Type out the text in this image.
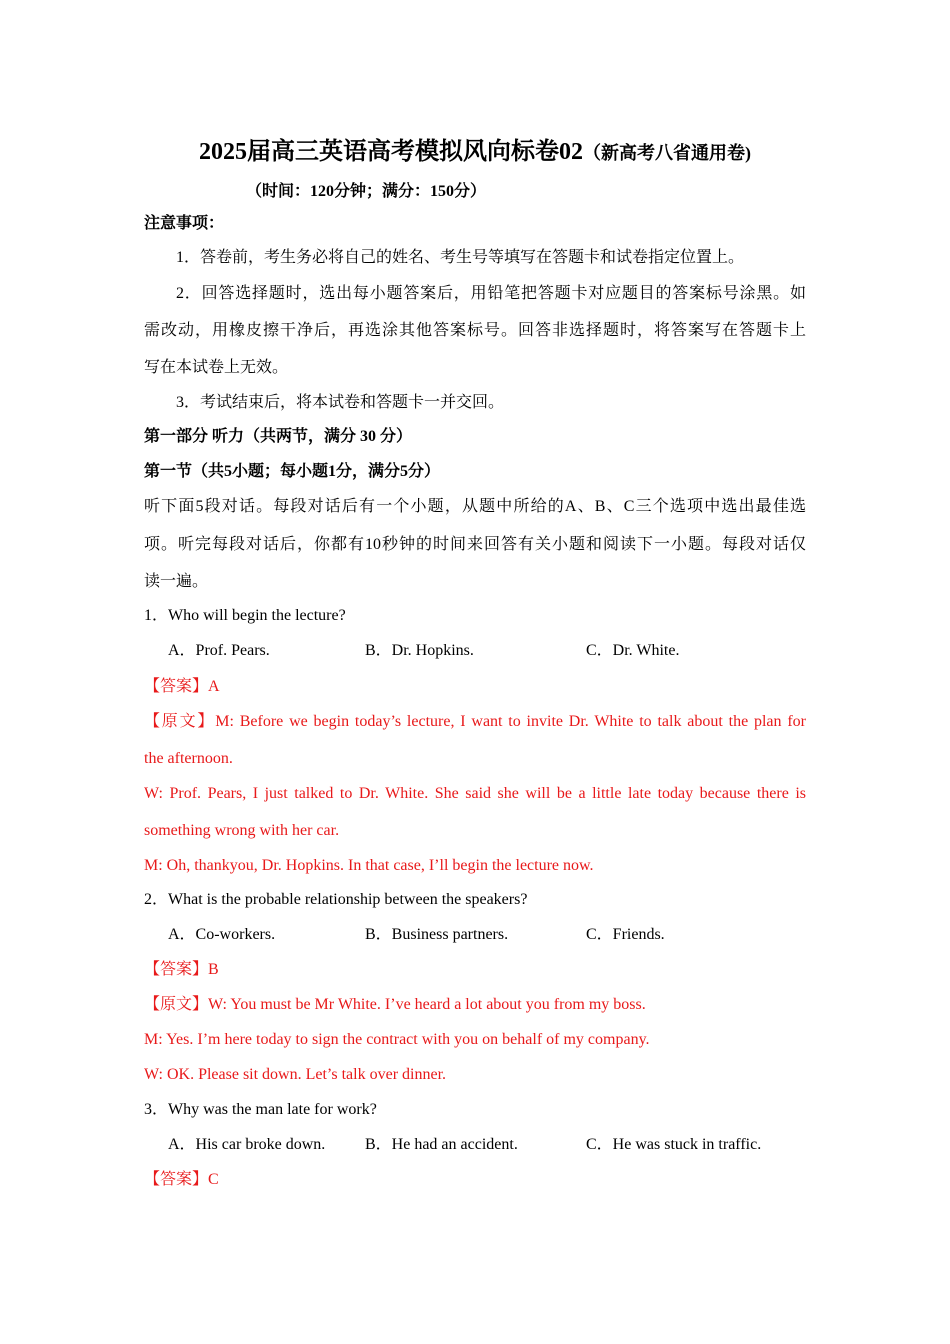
2025届高三英语高考模拟风向标卷02（新高考八省通用卷)
（时间：120分钟；满分：150分）
注意事项：
1．答卷前，考生务必将自己的姓名、考生号等填写在答题卡和试卷指定位置上。
2．回答选择题时，选出每小题答案后，用铅笔把答题卡对应题目的答案标号涂黑。如
需改动，用橡皮擦干净后，再选涂其他答案标号。回答非选择题时，将答案写在答题卡上
写在本试卷上无效。
3．考试结束后，将本试卷和答题卡一并交回。
第一部分 听力（共两节，满分 30 分）
第一节（共5小题；每小题1分，满分5分）
听下面5段对话。每段对话后有一个小题，从题中所给的A、B、C三个选项中选出最佳选
项。听完每段对话后，你都有10秒钟的时间来回答有关小题和阅读下一小题。每段对话仅
读一遍。
1．Who will begin the lecture?
A．Prof. Pears.	B．Dr. Hopkins.	C．Dr. White.
【答案】A
【原文】M: Before we begin today’s lecture, I want to invite Dr. White to talk about the plan for
the afternoon.
W: Prof. Pears, I just talked to Dr. White. She said she will be a little late today because there is
something wrong with her car.
M: Oh, thankyou, Dr. Hopkins. In that case, I’ll begin the lecture now.
2．What is the probable relationship between the speakers?
A．Co-workers.	B．Business partners.	C．Friends.
【答案】B
【原文】W: You must be Mr White. I’ve heard a lot about you from my boss.
M: Yes. I’m here today to sign the contract with you on behalf of my company.
W: OK. Please sit down. Let’s talk over dinner.
3．Why was the man late for work?
A．His car broke down. B．He had an accident.	C．He was stuck in traffic.
【答案】C
